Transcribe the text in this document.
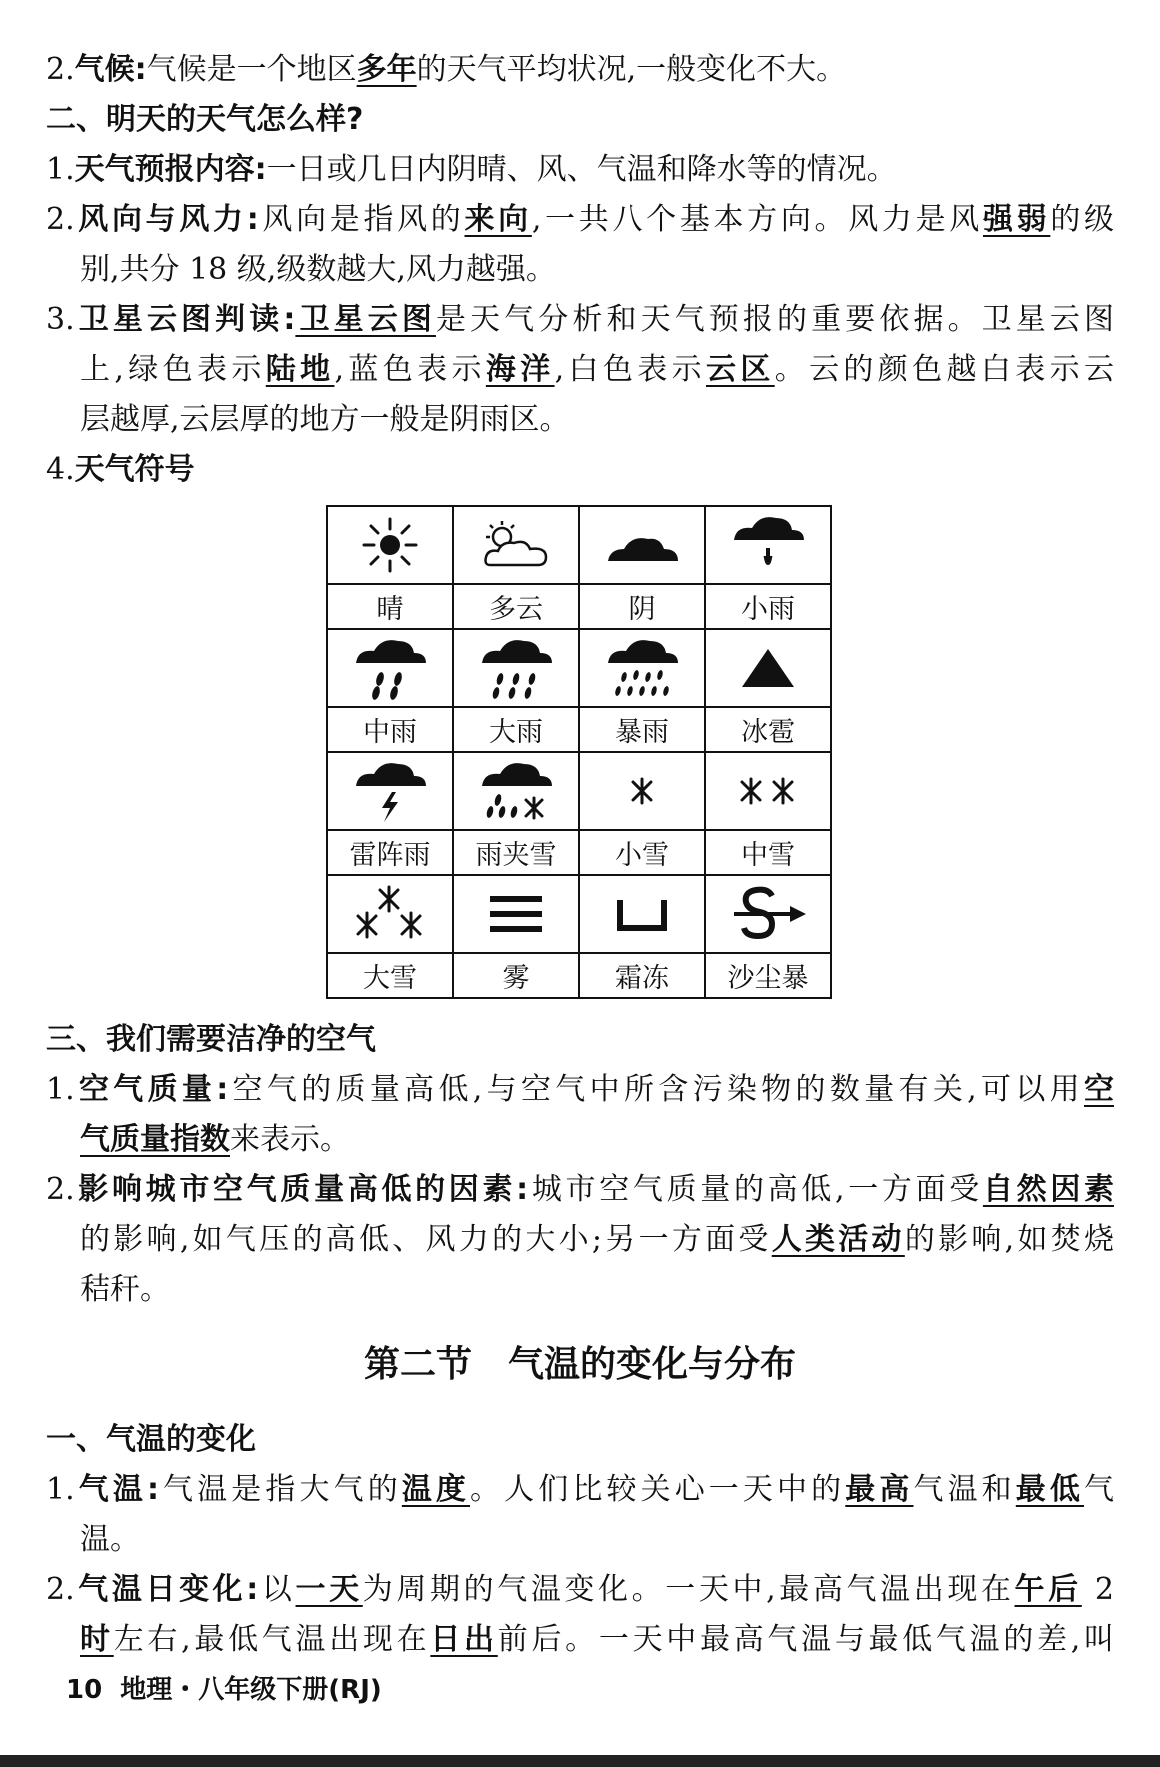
2.气候:气候是一个地区多年的天气平均状况,一般变化不大。
二、明天的天气怎么样?
1.天气预报内容:一日或几日内阴晴、风、气温和降水等的情况。
2.风向与风力:风向是指风的来向,一共八个基本方向。风力是风强弱的级
别,共分 18 级,级数越大,风力越强。
3.卫星云图判读:卫星云图是天气分析和天气预报的重要依据。卫星云图
上,绿色表示陆地,蓝色表示海洋,白色表示云区。云的颜色越白表示云
层越厚,云层厚的地方一般是阴雨区。
4.天气符号

晴	多云	阴	小雨

中雨	大雨	暴雨	冰雹

雷阵雨	雨夹雪	小雪	中雪

大雪	雾	霜冻	沙尘暴
三、我们需要洁净的空气
1.空气质量:空气的质量高低,与空气中所含污染物的数量有关,可以用空
气质量指数来表示。
2.影响城市空气质量高低的因素:城市空气质量的高低,一方面受自然因素
的影响,如气压的高低、风力的大小;另一方面受人类活动的影响,如焚烧
秸秆。
第二节　气温的变化与分布
一、气温的变化
1.气温:气温是指大气的温度。人们比较关心一天中的最高气温和最低气
温。
2.气温日变化:以一天为周期的气温变化。一天中,最高气温出现在午后 2
时左右,最低气温出现在日出前后。一天中最高气温与最低气温的差,叫
10 地理・八年级下册(RJ)
